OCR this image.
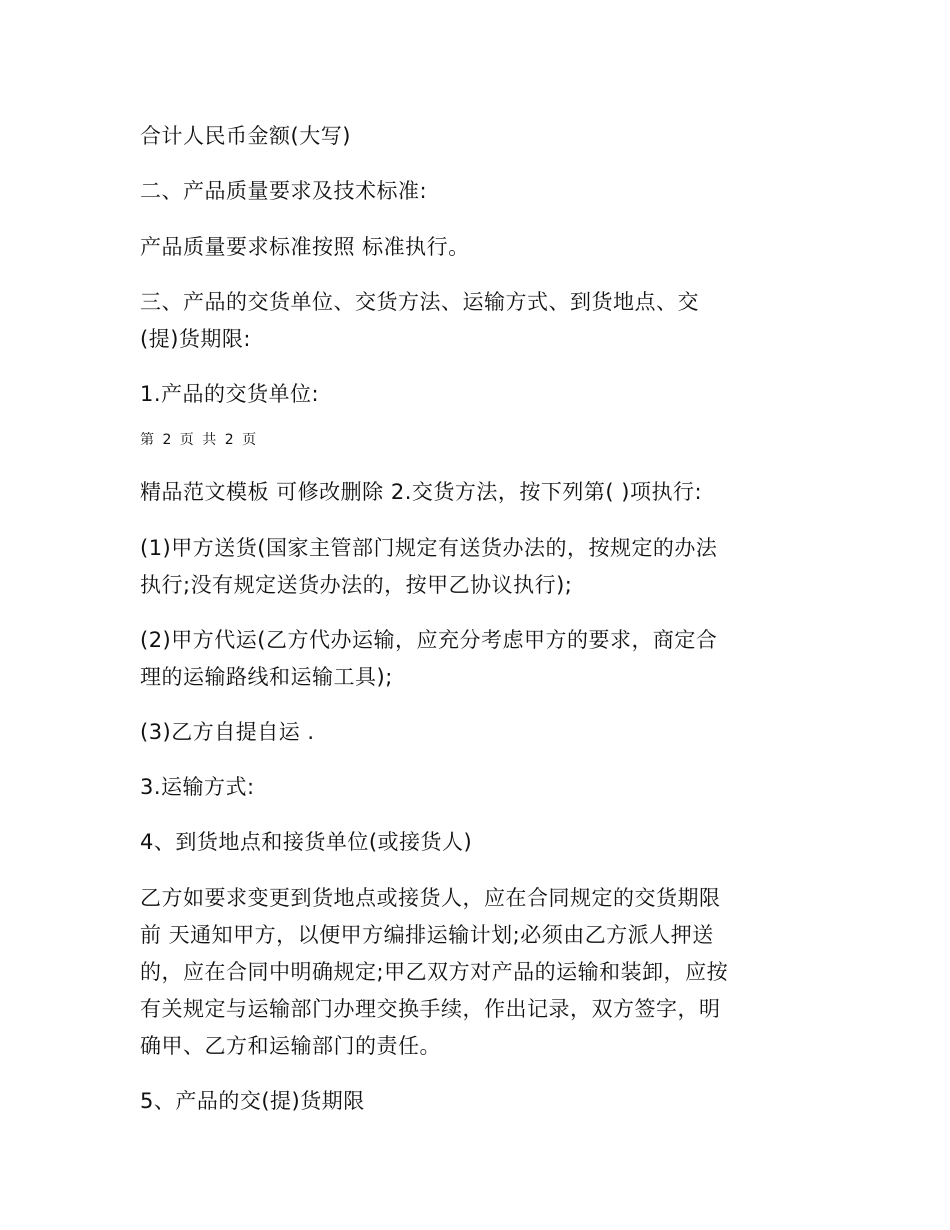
合计人民币金额(大写)
二、产品质量要求及技术标准:
产品质量要求标准按照 标准执行。
三、产品的交货单位、交货方法、运输方式、到货地点、交
(提)货期限:
1.产品的交货单位:
第 2 页 共 2 页
精品范文模板 可修改删除 2.交货方法，按下列第( )项执行:
(1)甲方送货(国家主管部门规定有送货办法的，按规定的办法
执行;没有规定送货办法的，按甲乙协议执行);
(2)甲方代运(乙方代办运输，应充分考虑甲方的要求，商定合
理的运输路线和运输工具);
(3)乙方自提自运 .
3.运输方式:
4、到货地点和接货单位(或接货人)
乙方如要求变更到货地点或接货人，应在合同规定的交货期限
前 天通知甲方，以便甲方编排运输计划;必须由乙方派人押送
的，应在合同中明确规定;甲乙双方对产品的运输和装卸，应按
有关规定与运输部门办理交换手续，作出记录，双方签字，明
确甲、乙方和运输部门的责任。
5、产品的交(提)货期限
